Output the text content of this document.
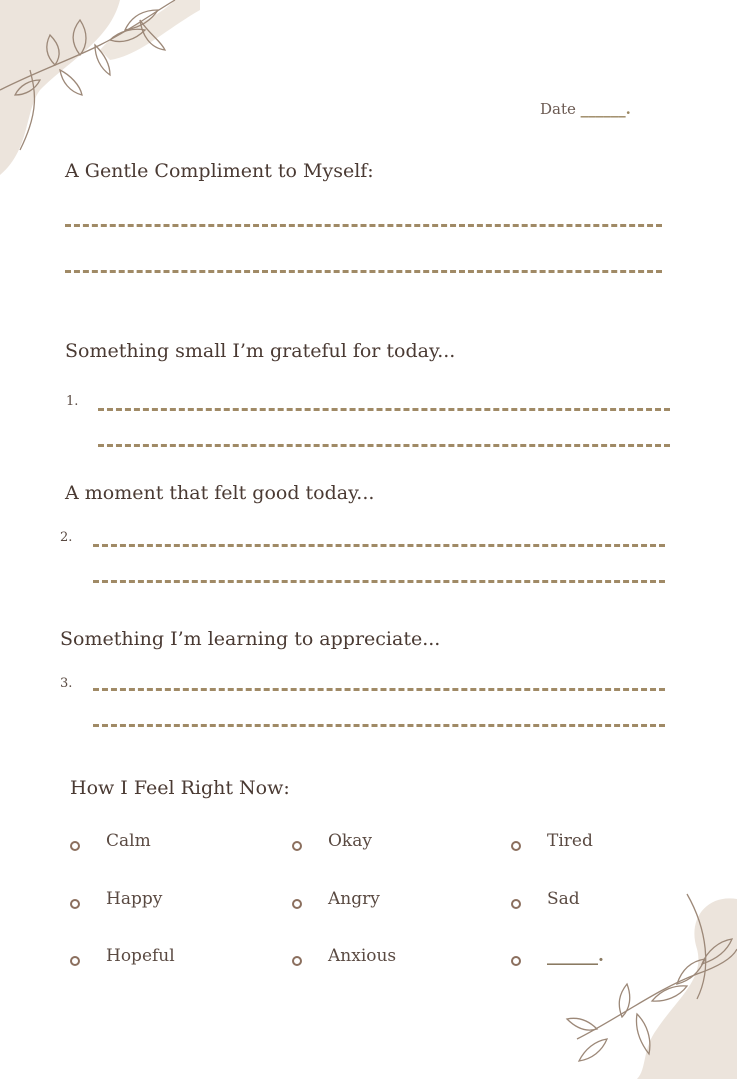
Date ______.
A Gentle Compliment to Myself:
Something small I’m grateful for today...
1.
A moment that felt good today...
2.
Something I’m learning to appreciate...
3.
How I Feel Right Now:
Calm	Okay	Tired
Happy	Angry	Sad
Hopeful	Anxious	______.
